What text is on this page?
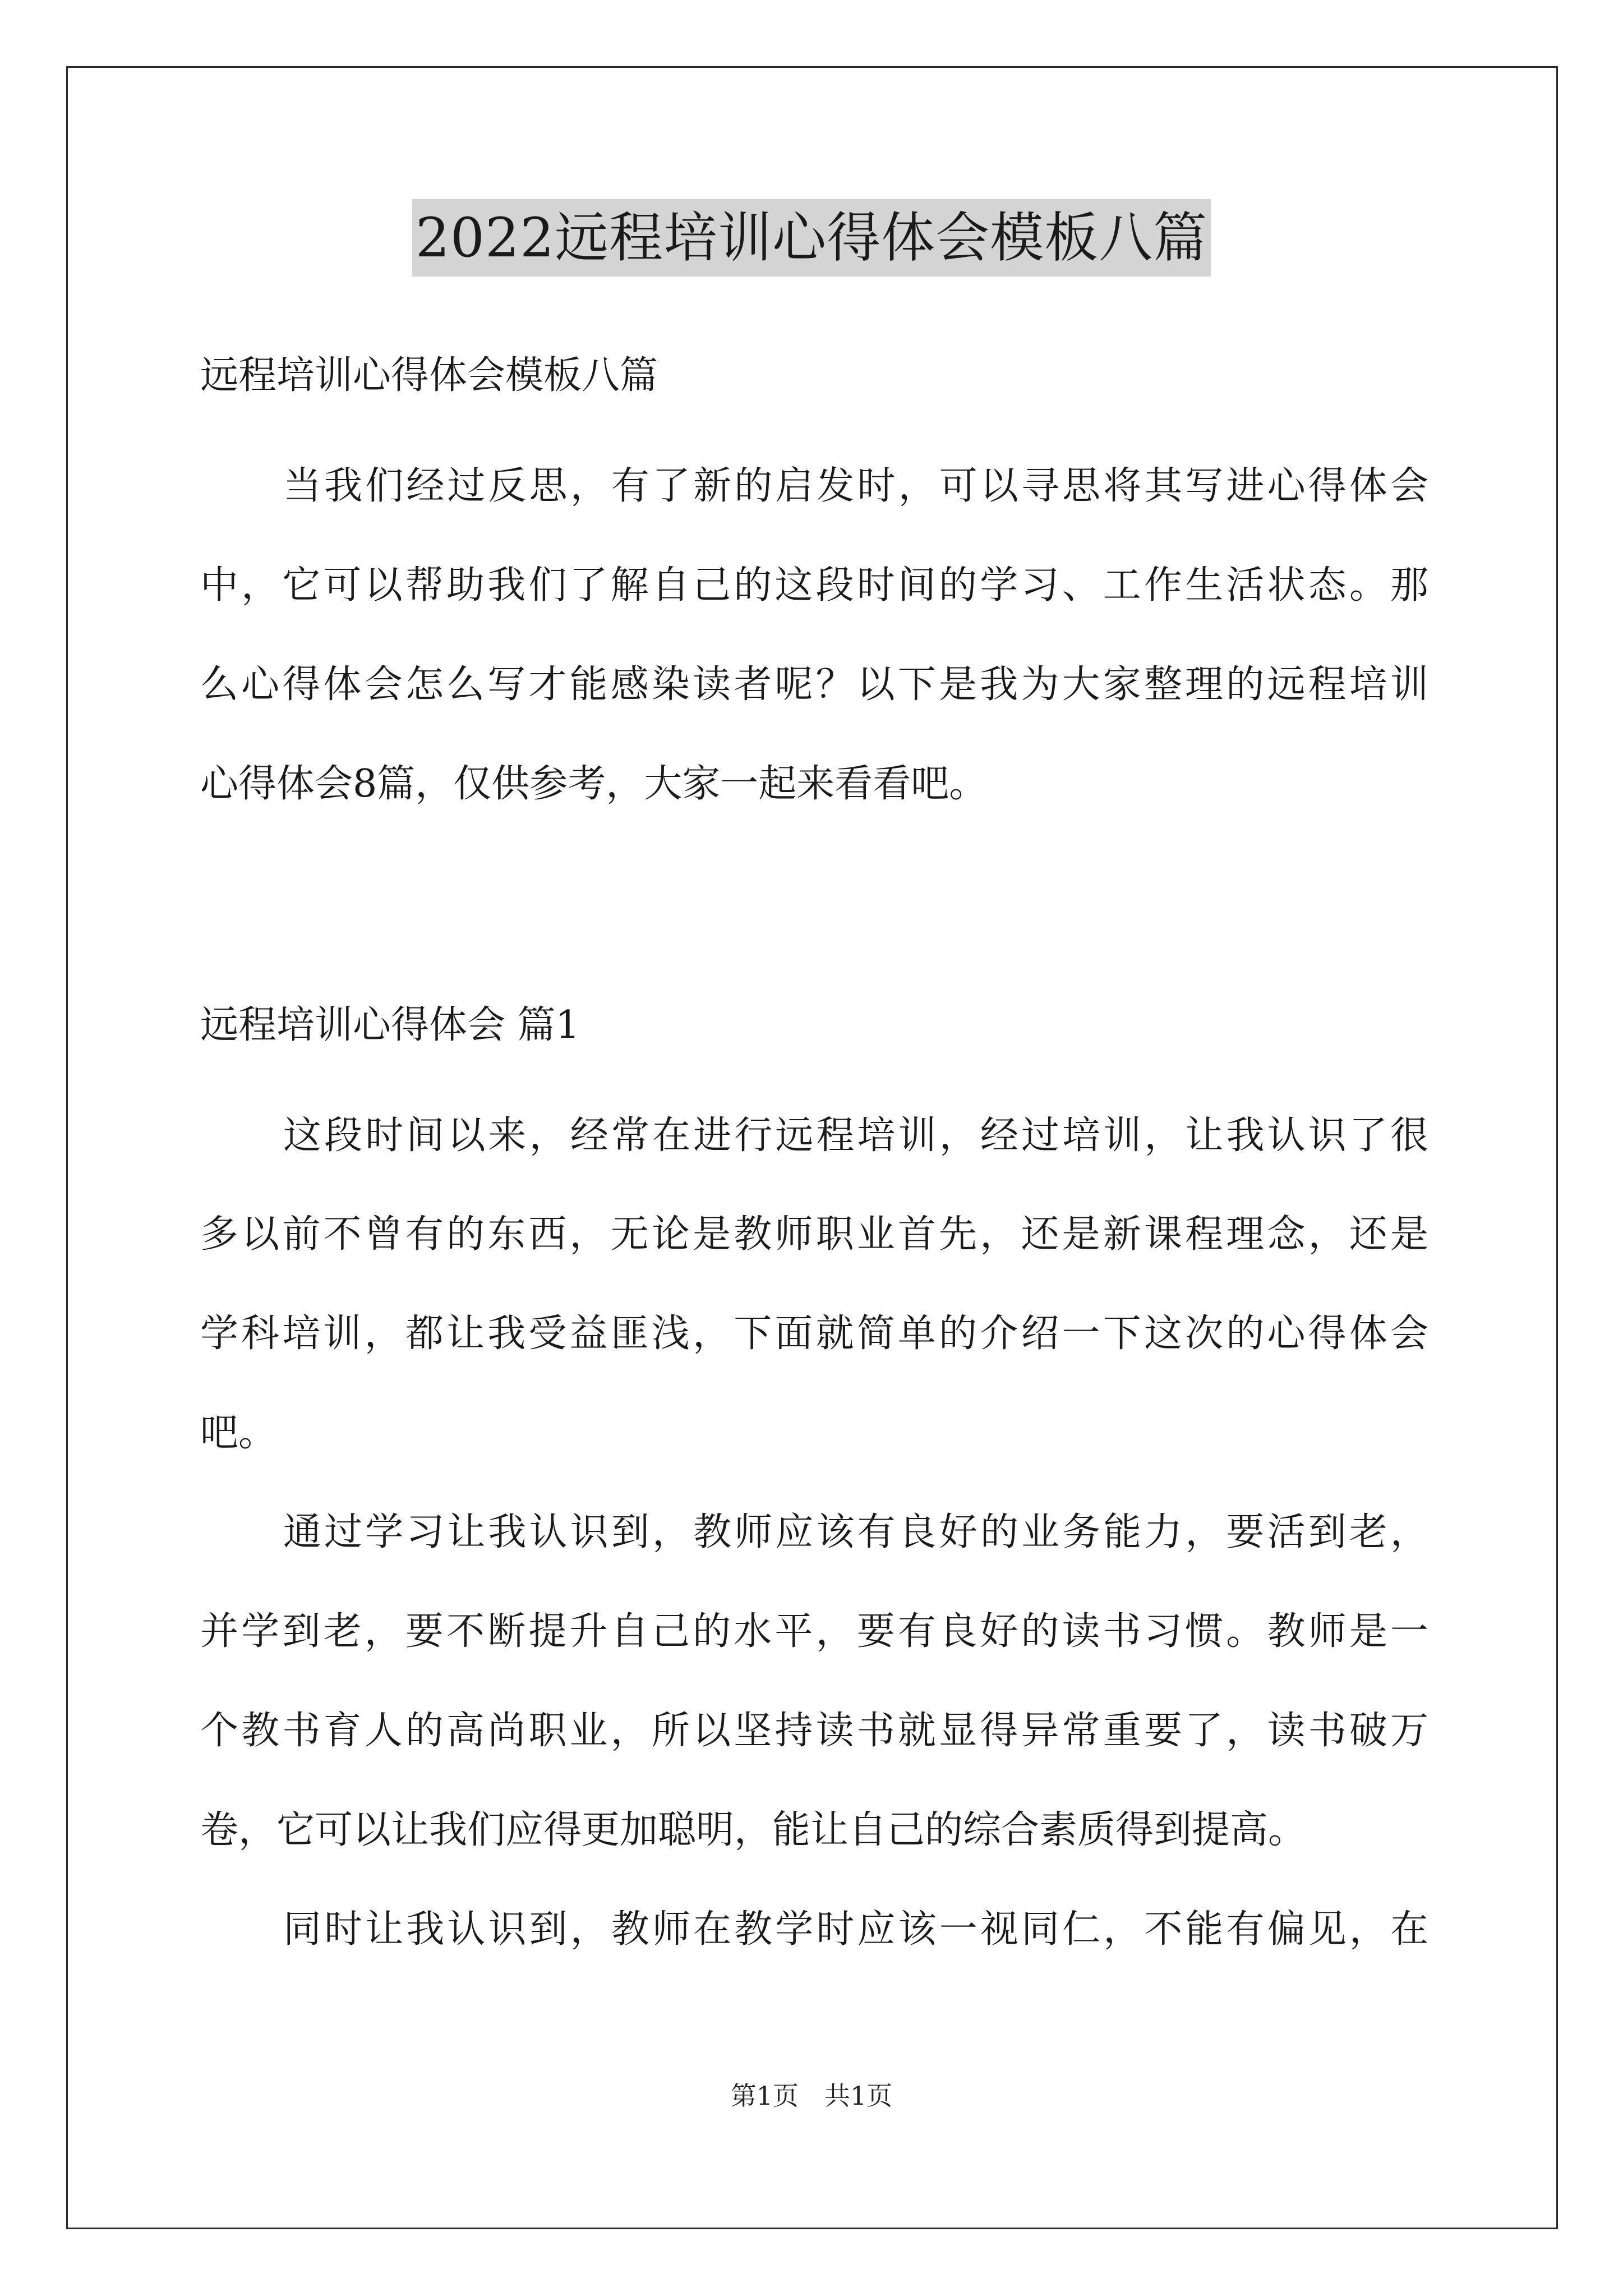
2022远程培训心得体会模板八篇
远程培训心得体会模板八篇
当我们经过反思，有了新的启发时，可以寻思将其写进心得体会
中，它可以帮助我们了解自己的这段时间的学习、工作生活状态。那
么心得体会怎么写才能感染读者呢？以下是我为大家整理的远程培训
心得体会8篇，仅供参考，大家一起来看看吧。
远程培训心得体会 篇1
这段时间以来，经常在进行远程培训，经过培训，让我认识了很
多以前不曾有的东西，无论是教师职业首先，还是新课程理念，还是
学科培训，都让我受益匪浅，下面就简单的介绍一下这次的心得体会
吧。
通过学习让我认识到，教师应该有良好的业务能力，要活到老，
并学到老，要不断提升自己的水平，要有良好的读书习惯。教师是一
个教书育人的高尚职业，所以坚持读书就显得异常重要了，读书破万
卷，它可以让我们应得更加聪明，能让自己的综合素质得到提高。
同时让我认识到，教师在教学时应该一视同仁，不能有偏见，在
第1页　共1页
